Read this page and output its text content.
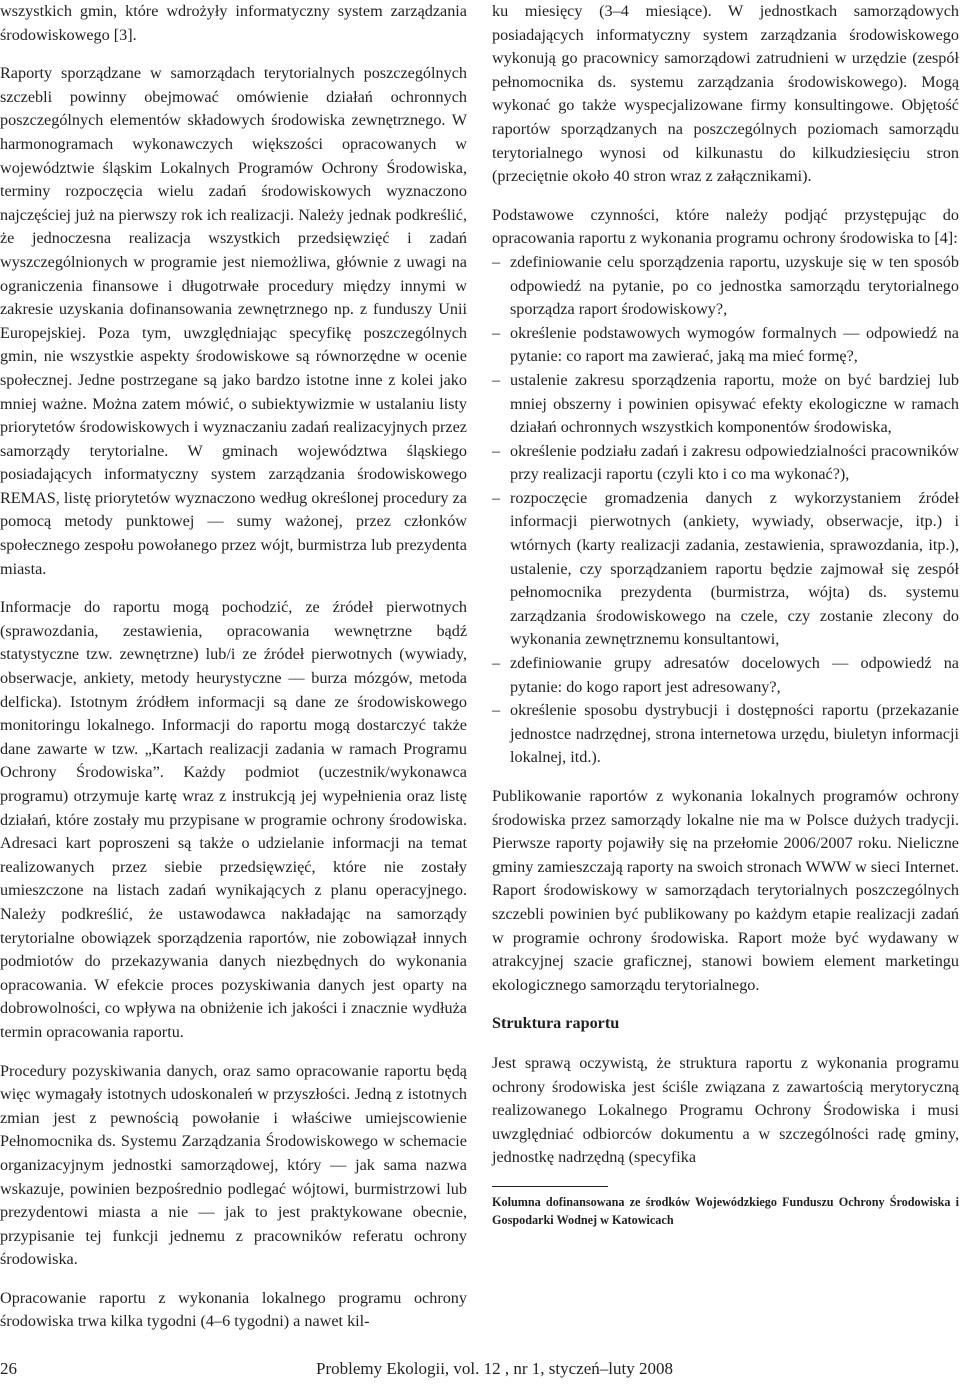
wszystkich gmin, które wdrożyły informatyczny system zarządzania środowiskowego [3].

Raporty sporządzane w samorządach terytorialnych poszczególnych szczebli powinny obejmować omówienie działań ochronnych poszczególnych elementów składowych środowiska zewnętrznego. W harmonogramach wykonawczych większości opracowanych w województwie śląskim Lokalnych Programów Ochrony Środowiska, terminy rozpoczęcia wielu zadań środowiskowych wyznaczono najczęściej już na pierwszy rok ich realizacji. Należy jednak podkreślić, że jednoczesna realizacja wszystkich przedsięwzięć i zadań wyszczególnionych w programie jest niemożliwa, głównie z uwagi na ograniczenia finansowe i długotrwałe procedury między innymi w zakresie uzyskania dofinansowania zewnętrznego np. z funduszy Unii Europejskiej. Poza tym, uwzględniając specyfikę poszczególnych gmin, nie wszystkie aspekty środowiskowe są równorzędne w ocenie społecznej. Jedne postrzegane są jako bardzo istotne inne z kolei jako mniej ważne. Można zatem mówić, o subiektywizmie w ustalaniu listy priorytetów środowiskowych i wyznaczaniu zadań realizacyjnych przez samorządy terytorialne. W gminach województwa śląskiego posiadających informatyczny system zarządzania środowiskowego REMAS, listę priorytetów wyznaczono według określonej procedury za pomocą metody punktowej — sumy ważonej, przez członków społecznego zespołu powołanego przez wójt, burmistrza lub prezydenta miasta.

Informacje do raportu mogą pochodzić, ze źródeł pierwotnych (sprawozdania, zestawienia, opracowania wewnętrzne bądź statystyczne tzw. zewnętrzne) lub/i ze źródeł pierwotnych (wywiady, obserwacje, ankiety, metody heurystyczne — burza mózgów, metoda delficka). Istotnym źródłem informacji są dane ze środowiskowego monitoringu lokalnego. Informacji do raportu mogą dostarczyć także dane zawarte w tzw. „Kartach realizacji zadania w ramach Programu Ochrony Środowiska”. Każdy podmiot (uczestnik/wykonawca programu) otrzymuje kartę wraz z instrukcją jej wypełnienia oraz listę działań, które zostały mu przypisane w programie ochrony środowiska. Adresaci kart poproszeni są także o udzielanie informacji na temat realizowanych przez siebie przedsięwzięć, które nie zostały umieszczone na listach zadań wynikających z planu operacyjnego. Należy podkreślić, że ustawodawca nakładając na samorządy terytorialne obowiązek sporządzenia raportów, nie zobowiązał innych podmiotów do przekazywania danych niezbędnych do wykonania opracowania. W efekcie proces pozyskiwania danych jest oparty na dobrowolności, co wpływa na obniżenie ich jakości i znacznie wydłuża termin opracowania raportu.

Procedury pozyskiwania danych, oraz samo opracowanie raportu będą więc wymagały istotnych udoskonaleń w przyszłości. Jedną z istotnych zmian jest z pewnością powołanie i właściwe umiejscowienie Pełnomocnika ds. Systemu Zarządzania Środowiskowego w schemacie organizacyjnym jednostki samorządowej, który — jak sama nazwa wskazuje, powinien bezpośrednio podlegać wójtowi, burmistrzowi lub prezydentowi miasta a nie — jak to jest praktykowane obecnie, przypisanie tej funkcji jednemu z pracowników referatu ochrony środowiska.

Opracowanie raportu z wykonania lokalnego programu ochrony środowiska trwa kilka tygodni (4–6 tygodni) a nawet kil-

ku miesięcy (3–4 miesiące). W jednostkach samorządowych posiadających informatyczny system zarządzania środowiskowego wykonują go pracownicy samorządowi zatrudnieni w urzędzie (zespół pełnomocnika ds. systemu zarządzania środowiskowego). Mogą wykonać go także wyspecjalizowane firmy konsultingowe. Objętość raportów sporządzanych na poszczególnych poziomach samorządu terytorialnego wynosi od kilkunastu do kilkudziesięciu stron (przeciętnie około 40 stron wraz z załącznikami).

Podstawowe czynności, które należy podjąć przystępując do opracowania raportu z wykonania programu ochrony środowiska to [4]:

– zdefiniowanie celu sporządzenia raportu, uzyskuje się w ten sposób odpowiedź na pytanie, po co jednostka samorządu terytorialnego sporządza raport środowiskowy?,
– określenie podstawowych wymogów formalnych — odpowiedź na pytanie: co raport ma zawierać, jaką ma mieć formę?,
– ustalenie zakresu sporządzenia raportu, może on być bardziej lub mniej obszerny i powinien opisywać efekty ekologiczne w ramach działań ochronnych wszystkich komponentów środowiska,
– określenie podziału zadań i zakresu odpowiedzialności pracowników przy realizacji raportu (czyli kto i co ma wykonać?),
– rozpoczęcie gromadzenia danych z wykorzystaniem źródeł informacji pierwotnych (ankiety, wywiady, obserwacje, itp.) i wtórnych (karty realizacji zadania, zestawienia, sprawozdania, itp.), ustalenie, czy sporządzaniem raportu będzie zajmował się zespół pełnomocnika prezydenta (burmistrza, wójta) ds. systemu zarządzania środowiskowego na czele, czy zostanie zlecony do wykonania zewnętrznemu konsultantowi,
– zdefiniowanie grupy adresatów docelowych — odpowiedź na pytanie: do kogo raport jest adresowany?,
– określenie sposobu dystrybucji i dostępności raportu (przekazanie jednostce nadrzędnej, strona internetowa urzędu, biuletyn informacji lokalnej, itd.).

Publikowanie raportów z wykonania lokalnych programów ochrony środowiska przez samorządy lokalne nie ma w Polsce dużych tradycji. Pierwsze raporty pojawiły się na przełomie 2006/2007 roku. Nieliczne gminy zamieszczają raporty na swoich stronach WWW w sieci Internet. Raport środowiskowy w samorządach terytorialnych poszczególnych szczebli powinien być publikowany po każdym etapie realizacji zadań w programie ochrony środowiska. Raport może być wydawany w atrakcyjnej szacie graficznej, stanowi bowiem element marketingu ekologicznego samorządu terytorialnego.

Struktura raportu

Jest sprawą oczywistą, że struktura raportu z wykonania programu ochrony środowiska jest ściśle związana z zawartością merytoryczną realizowanego Lokalnego Programu Ochrony Środowiska i musi uwzględniać odbiorców dokumentu a w szczególności radę gminy, jednostkę nadrzędną (specyfika

Kolumna dofinansowana ze środków Wojewódzkiego Funduszu Ochrony Środowiska i Gospodarki Wodnej w Katowicach

26	Problemy Ekologii, vol. 12 , nr 1, styczeń–luty 2008
